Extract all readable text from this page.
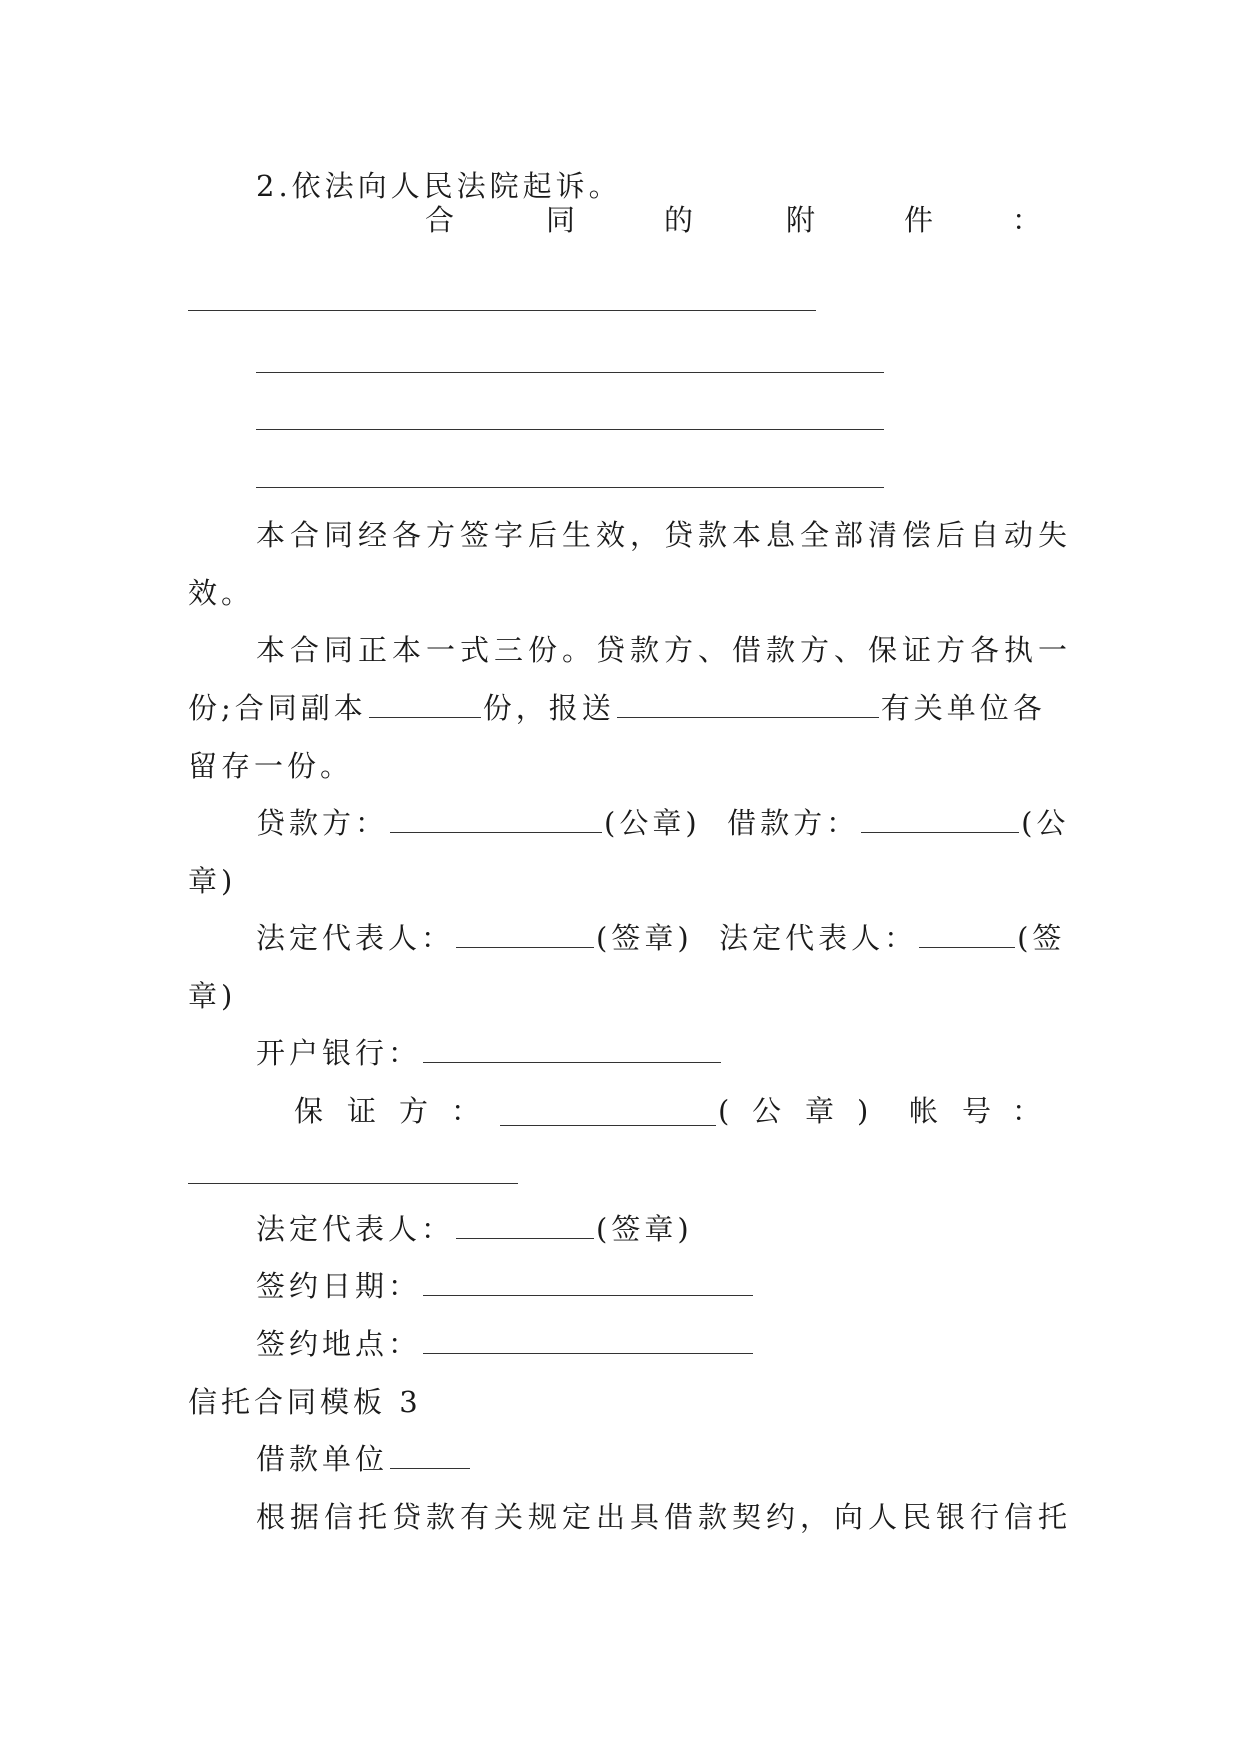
2.依法向人民法院起诉。
合	同	的	附	件	：
本合同经各方签字后生效，贷款本息全部清偿后自动失
效。
本合同正本一式三份。贷款方、借款方、保证方各执一
份;合同副本	份，报送	有关单位各
留存一份。
贷款方：	(公章) 借款方：	(公
章)
法定代表人：	(签章) 法定代表人：	(签
章)
开户银行：
保 证 方 ：	( 公 章 ) 帐 号 ：
法定代表人：	(签章)
签约日期：
签约地点：
信托合同模板 3
借款单位
根据信托贷款有关规定出具借款契约，向人民银行信托
